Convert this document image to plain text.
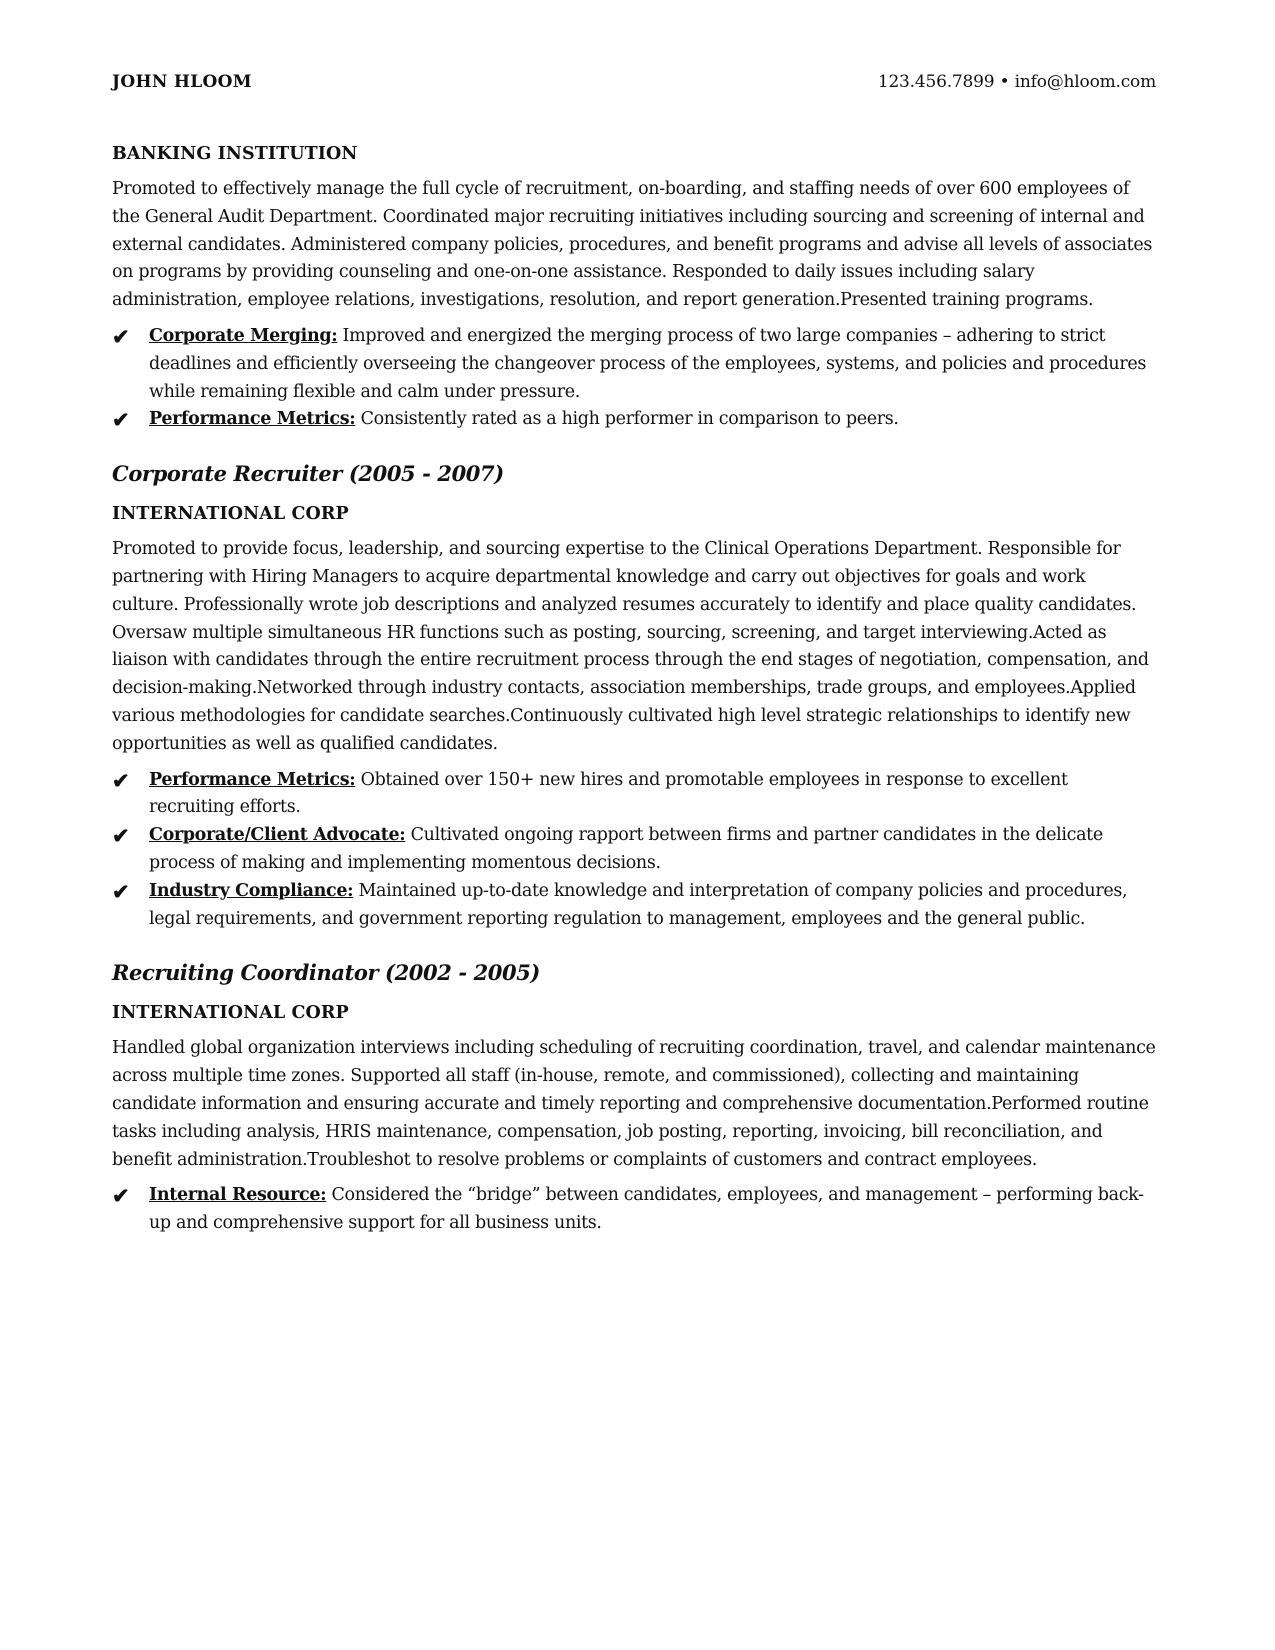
JOHN HLOOM	123.456.7899 • info@hloom.com
BANKING INSTITUTION
Promoted to effectively manage the full cycle of recruitment, on-boarding, and staffing needs of over 600 employees of the General Audit Department. Coordinated major recruiting initiatives including sourcing and screening of internal and external candidates. Administered company policies, procedures, and benefit programs and advise all levels of associates on programs by providing counseling and one-on-one assistance. Responded to daily issues including salary administration, employee relations, investigations, resolution, and report generation.Presented training programs.
✔ Corporate Merging: Improved and energized the merging process of two large companies – adhering to strict deadlines and efficiently overseeing the changeover process of the employees, systems, and policies and procedures while remaining flexible and calm under pressure.
✔ Performance Metrics: Consistently rated as a high performer in comparison to peers.
Corporate Recruiter (2005 - 2007)
INTERNATIONAL CORP
Promoted to provide focus, leadership, and sourcing expertise to the Clinical Operations Department. Responsible for partnering with Hiring Managers to acquire departmental knowledge and carry out objectives for goals and work culture. Professionally wrote job descriptions and analyzed resumes accurately to identify and place quality candidates. Oversaw multiple simultaneous HR functions such as posting, sourcing, screening, and target interviewing.Acted as liaison with candidates through the entire recruitment process through the end stages of negotiation, compensation, and decision-making.Networked through industry contacts, association memberships, trade groups, and employees.Applied various methodologies for candidate searches.Continuously cultivated high level strategic relationships to identify new opportunities as well as qualified candidates.
✔ Performance Metrics: Obtained over 150+ new hires and promotable employees in response to excellent recruiting efforts.
✔ Corporate/Client Advocate: Cultivated ongoing rapport between firms and partner candidates in the delicate process of making and implementing momentous decisions.
✔ Industry Compliance: Maintained up-to-date knowledge and interpretation of company policies and procedures, legal requirements, and government reporting regulation to management, employees and the general public.
Recruiting Coordinator (2002 - 2005)
INTERNATIONAL CORP
Handled global organization interviews including scheduling of recruiting coordination, travel, and calendar maintenance across multiple time zones. Supported all staff (in-house, remote, and commissioned), collecting and maintaining candidate information and ensuring accurate and timely reporting and comprehensive documentation.Performed routine tasks including analysis, HRIS maintenance, compensation, job posting, reporting, invoicing, bill reconciliation, and benefit administration.Troubleshot to resolve problems or complaints of customers and contract employees.
✔ Internal Resource: Considered the “bridge” between candidates, employees, and management – performing back-up and comprehensive support for all business units.
